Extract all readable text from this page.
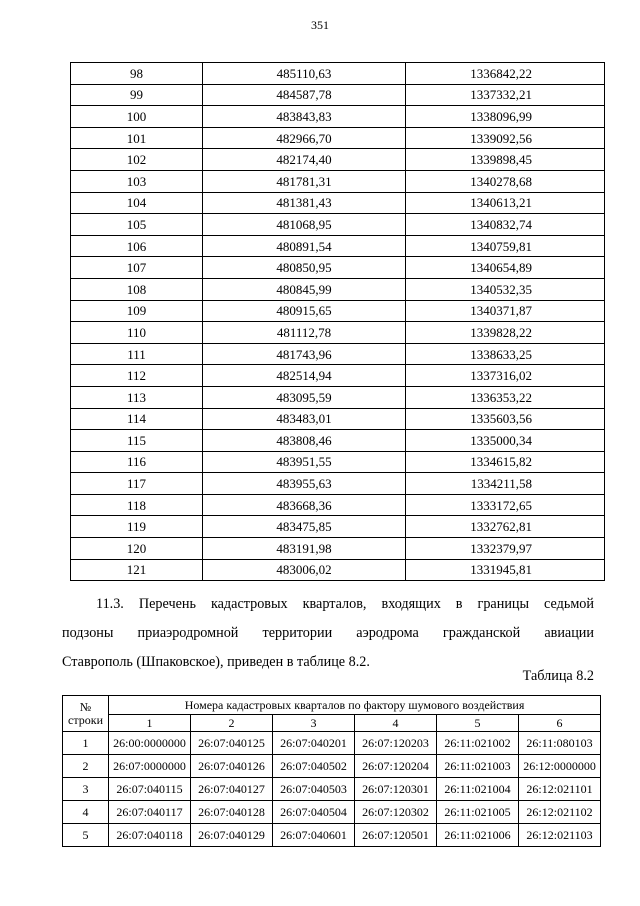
351
98	485110,63	1336842,22
99	484587,78	1337332,21
100	483843,83	1338096,99
101	482966,70	1339092,56
102	482174,40	1339898,45
103	481781,31	1340278,68
104	481381,43	1340613,21
105	481068,95	1340832,74
106	480891,54	1340759,81
107	480850,95	1340654,89
108	480845,99	1340532,35
109	480915,65	1340371,87
110	481112,78	1339828,22
111	481743,96	1338633,25
112	482514,94	1337316,02
113	483095,59	1336353,22
114	483483,01	1335603,56
115	483808,46	1335000,34
116	483951,55	1334615,82
117	483955,63	1334211,58
118	483668,36	1333172,65
119	483475,85	1332762,81
120	483191,98	1332379,97
121	483006,02	1331945,81
11.3. Перечень кадастровых кварталов, входящих в границы седьмой
подзоны приаэродромной территории аэродрома гражданской авиации
Ставрополь (Шпаковское), приведен в таблице 8.2.
Таблица 8.2
№
строки	Номера кадастровых кварталов по фактору шумового воздействия					
	1	2	3	4	5	6
1	26:00:0000000	26:07:040125	26:07:040201	26:07:120203	26:11:021002	26:11:080103
2	26:07:0000000	26:07:040126	26:07:040502	26:07:120204	26:11:021003	26:12:0000000
3	26:07:040115	26:07:040127	26:07:040503	26:07:120301	26:11:021004	26:12:021101
4	26:07:040117	26:07:040128	26:07:040504	26:07:120302	26:11:021005	26:12:021102
5	26:07:040118	26:07:040129	26:07:040601	26:07:120501	26:11:021006	26:12:021103
